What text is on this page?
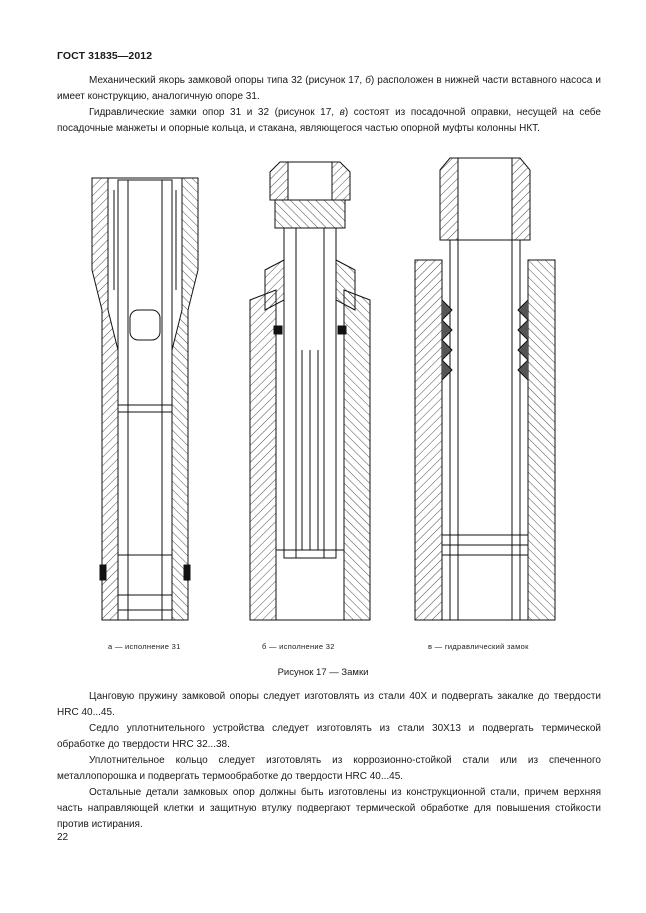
ГОСТ 31835—2012

Механический якорь замковой опоры типа 32 (рисунок 17, б) расположен в нижней части вставного насоса и имеет конструкцию, аналогичную опоре 31.

Гидравлические замки опор 31 и 32 (рисунок 17, в) состоят из посадочной оправки, несущей на себе посадочные манжеты и опорные кольца, и стакана, являющегося частью опорной муфты колонны НКТ.

а — исполнение 31	б — исполнение 32	в — гидравлический замок
Рисунок 17 — Замки

Цанговую пружину замковой опоры следует изготовлять из стали 40Х и подвергать закалке до твердости HRC 40...45.

Седло уплотнительного устройства следует изготовлять из стали 30Х13 и подвергать термической обработке до твердости HRC 32...38.

Уплотнительное кольцо следует изготовлять из коррозионно-стойкой стали или из спеченного металлопорошка и подвергать термообработке до твердости HRC 40...45.

Остальные детали замковых опор должны быть изготовлены из конструкционной стали, причем верхняя часть направляющей клетки и защитную втулку подвергают термической обработке для повышения стойкости против истирания.

22
